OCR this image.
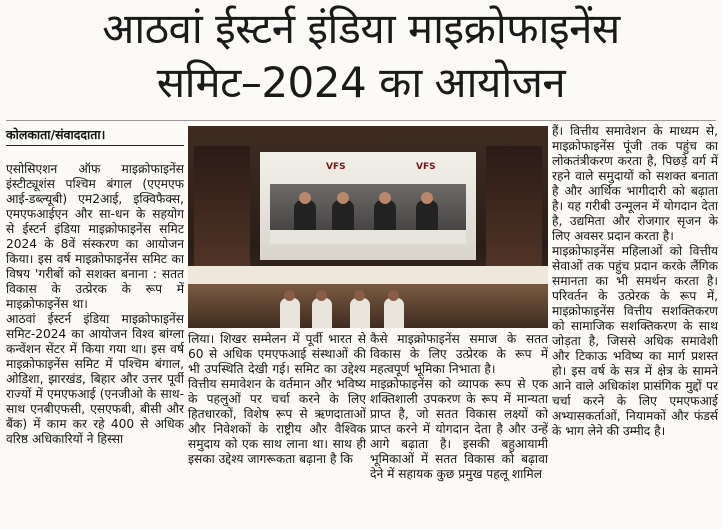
आठवां ईस्टर्न इंडिया माइक्रोफाइनेंस
समिट–2024 का आयोजन
कोलकाता/संवाददाता।

एसोसिएशन ऑफ माइक्रोफाइनेंस इंस्टीट्यूशंस पश्चिम बंगाल (एएमएफ आई-डब्ल्यूबी) एम2आई, इक्विफैक्स, एमएफआईएन और सा-धन के सहयोग से ईस्टर्न इंडिया माइक्रोफाइनेंस समिट 2024 के 8वें संस्करण का आयोजन किया। इस वर्ष माइक्रोफाइनेंस समिट का विषय 'गरीबों को सशक्त बनाना : सतत विकास के उत्प्रेरक के रूप में माइक्रोफाइनेंस था।

आठवां ईस्टर्न इंडिया माइक्रोफाइनेंस समिट-2024 का आयोजन विश्व बांग्ला कन्वेंशन सेंटर में किया गया था। इस वर्ष माइक्रोफाइनेंस समिट में पश्चिम बंगाल, ओडिशा, झारखंड, बिहार और उत्तर पूर्वी राज्यों में एमएफआई (एनजीओ के साथ-साथ एनबीएफसी, एसएफबी, बीसी और बैंक) में काम कर रहे 400 से अधिक वरिष्ठ अधिकारियों ने हिस्सा

VFS	VFS

लिया। शिखर सम्मेलन में पूर्वी भारत से 60 से अधिक एमएफआई संस्थाओं की भी उपस्थिति देखी गई। समिट का उद्देश्य वित्तीय समावेशन के वर्तमान और भविष्य के पहलुओं पर चर्चा करने के लिए हितधारकों, विशेष रूप से ऋणदाताओं और निवेशकों के राष्ट्रीय और वैश्विक समुदाय को एक साथ लाना था। साथ ही इसका उद्देश्य जागरूकता बढ़ाना है कि

कैसे माइक्रोफाइनेंस समाज के सतत विकास के लिए उत्प्रेरक के रूप में महत्वपूर्ण भूमिका निभाता है।

माइक्रोफाइनेंस को व्यापक रूप से एक शक्तिशाली उपकरण के रूप में मान्यता प्राप्त है, जो सतत विकास लक्ष्यों को प्राप्त करने में योगदान देता है और उन्हें आगे बढ़ाता है। इसकी बहुआयामी भूमिकाओं में सतत विकास को बढ़ावा देने में सहायक कुछ प्रमुख पहलू शामिल

हैं। वित्तीय समावेशन के माध्यम से, माइक्रोफाइनेंस पूंजी तक पहुंच का लोकतंत्रीकरण करता है, पिछड़े वर्ग में रहने वाले समुदायों को सशक्त बनाता है और आर्थिक भागीदारी को बढ़ाता है। यह गरीबी उन्मूलन में योगदान देता है, उद्यमिता और रोजगार सृजन के लिए अवसर प्रदान करता है।

माइक्रोफाइनेंस महिलाओं को वित्तीय सेवाओं तक पहुंच प्रदान करके लैंगिक समानता का भी समर्थन करता है। परिवर्तन के उत्प्रेरक के रूप में, माइक्रोफाइनेंस वित्तीय सशक्तिकरण को सामाजिक सशक्तिकरण के साथ जोड़ता है, जिससे अधिक समावेशी और टिकाऊ भविष्य का मार्ग प्रशस्त हो। इस वर्ष के सत्र में क्षेत्र के सामने आने वाले अधिकांश प्रासंगिक मुद्दों पर चर्चा करने के लिए एमएफआई अभ्यासकर्ताओं, नियामकों और फंडर्स के भाग लेने की उम्मीद है।
